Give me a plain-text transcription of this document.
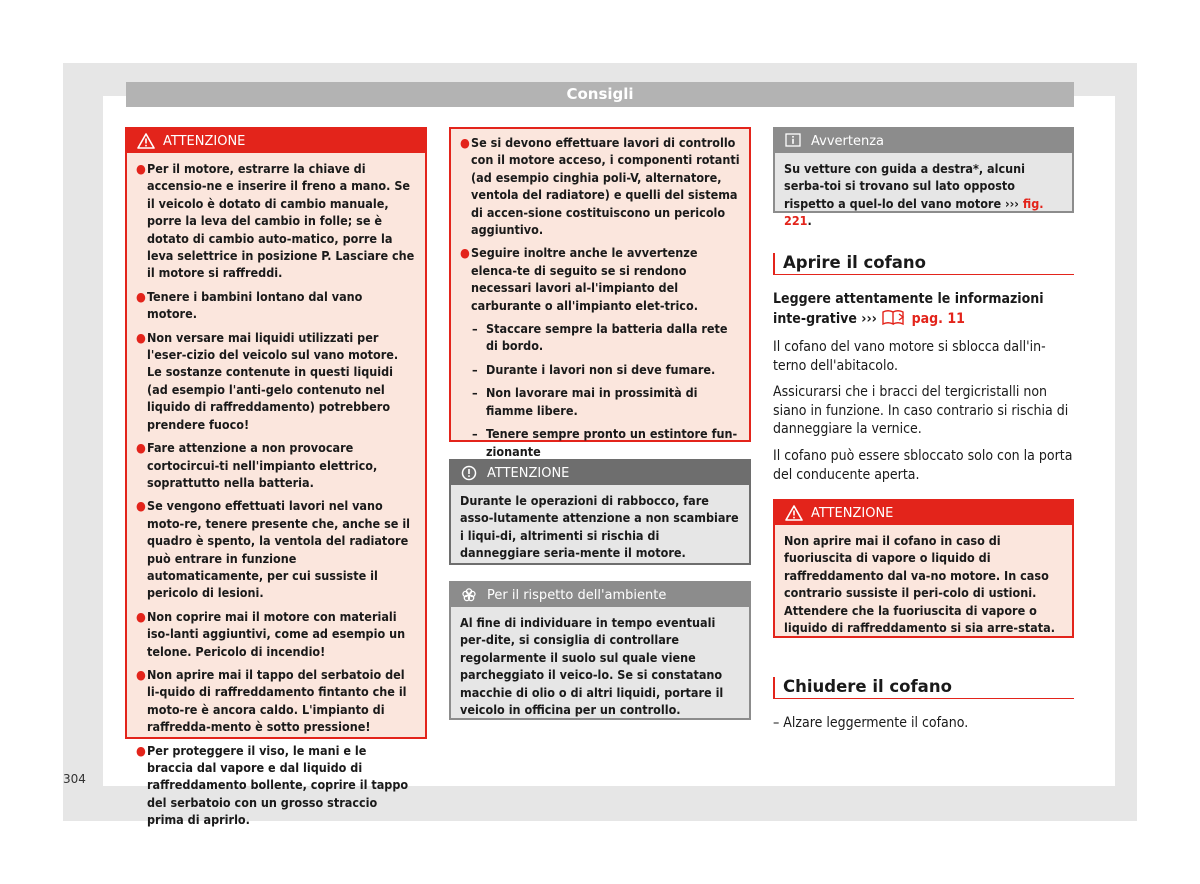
Consigli
ATTENZIONE
● Per il motore, estrarre la chiave di accensio-ne e inserire il freno a mano. Se il veicolo è dotato di cambio manuale, porre la leva del cambio in folle; se è dotato di cambio auto-matico, porre la leva selettrice in posizione P. Lasciare che il motore si raffreddi.
● Tenere i bambini lontano dal vano motore.
● Non versare mai liquidi utilizzati per l'eser-cizio del veicolo sul vano motore. Le sostanze contenute in questi liquidi (ad esempio l'anti-gelo contenuto nel liquido di raffreddamento) potrebbero prendere fuoco!
● Fare attenzione a non provocare cortocircui-ti nell'impianto elettrico, soprattutto nella batteria.
● Se vengono effettuati lavori nel vano moto-re, tenere presente che, anche se il quadro è spento, la ventola del radiatore può entrare in funzione automaticamente, per cui sussiste il pericolo di lesioni.
● Non coprire mai il motore con materiali iso-lanti aggiuntivi, come ad esempio un telone. Pericolo di incendio!
● Non aprire mai il tappo del serbatoio del li-quido di raffreddamento fintanto che il moto-re è ancora caldo. L'impianto di raffredda-mento è sotto pressione!
● Per proteggere il viso, le mani e le braccia dal vapore e dal liquido di raffreddamento bollente, coprire il tappo del serbatoio con un grosso straccio prima di aprirlo.
● Se si devono effettuare lavori di controllo con il motore acceso, i componenti rotanti (ad esempio cinghia poli-V, alternatore, ventola del radiatore) e quelli del sistema di accen-sione costituiscono un pericolo aggiuntivo.
● Seguire inoltre anche le avvertenze elenca-te di seguito se si rendono necessari lavori al-l'impianto del carburante o all'impianto elet-trico.
– Staccare sempre la batteria dalla rete di bordo.
– Durante i lavori non si deve fumare.
– Non lavorare mai in prossimità di fiamme libere.
– Tenere sempre pronto un estintore fun-zionante
ATTENZIONE

Durante le operazioni di rabbocco, fare asso-lutamente attenzione a non scambiare i liqui-di, altrimenti si rischia di danneggiare seria-mente il motore.

Per il rispetto dell'ambiente

Al fine di individuare in tempo eventuali per-dite, si consiglia di controllare regolarmente il suolo sul quale viene parcheggiato il veico-lo. Se si constatano macchie di olio o di altri liquidi, portare il veicolo in officina per un controllo.

Avvertenza

Su vetture con guida a destra*, alcuni serba-toi si trovano sul lato opposto rispetto a quel-lo del vano motore ››› fig. 221.

Aprire il cofano

Leggere attentamente le informazioni inte-grative ››› pag. 11

Il cofano del vano motore si sblocca dall'in-terno dell'abitacolo.

Assicurarsi che i bracci del tergicristalli non siano in funzione. In caso contrario si rischia di danneggiare la vernice.

Il cofano può essere sbloccato solo con la porta del conducente aperta.

ATTENZIONE

Non aprire mai il cofano in caso di fuoriuscita di vapore o liquido di raffreddamento dal va-no motore. In caso contrario sussiste il peri-colo di ustioni. Attendere che la fuoriuscita di vapore o liquido di raffreddamento si sia arre-stata.

Chiudere il cofano

– Alzare leggermente il cofano.

304
